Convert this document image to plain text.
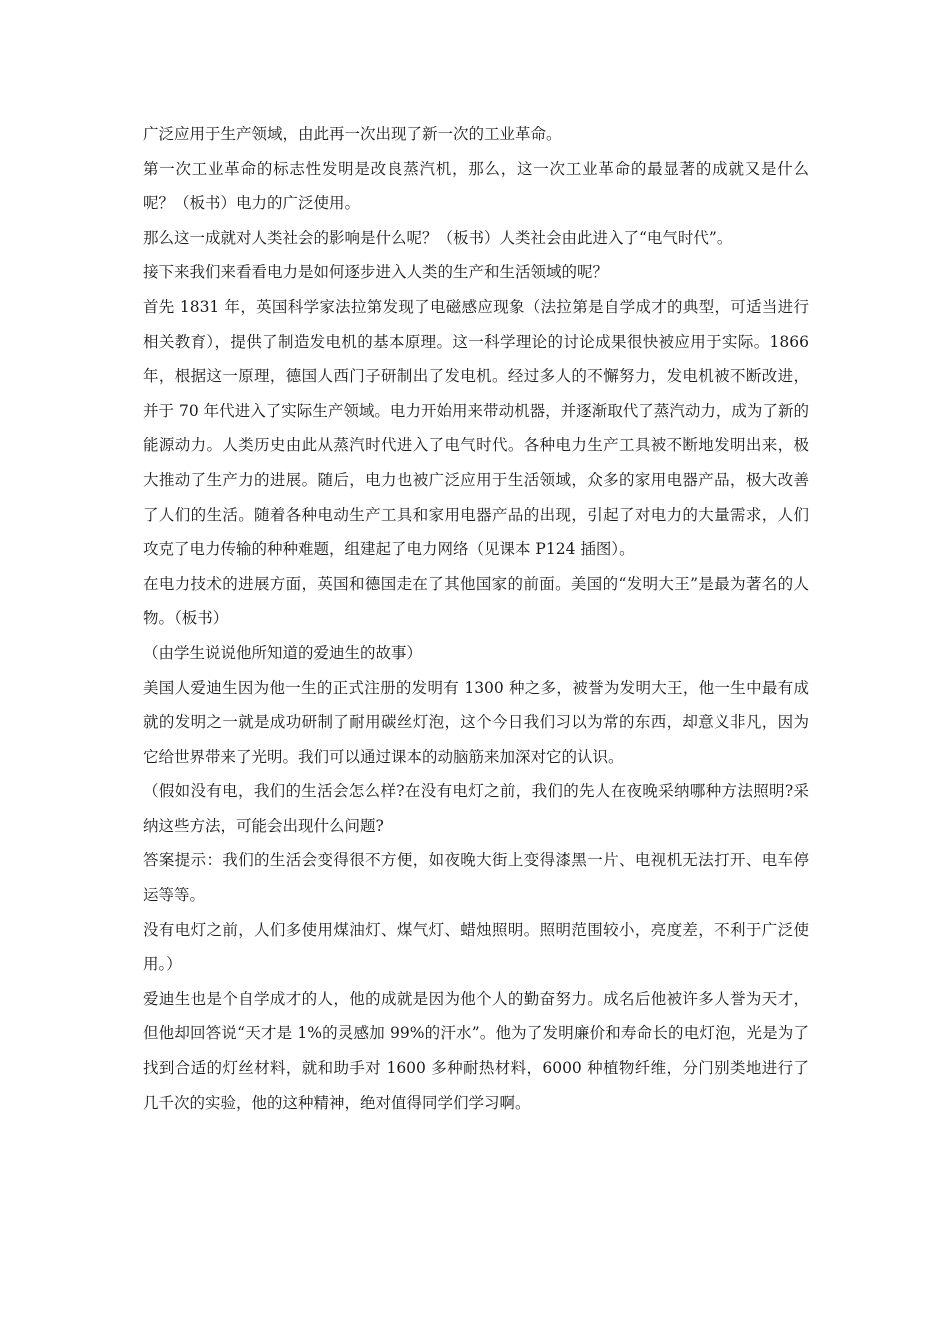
广泛应用于生产领域，由此再一次出现了新一次的工业革命。

第一次工业革命的标志性发明是改良蒸汽机，那么，这一次工业革命的最显著的成就又是什么呢？（板书）电力的广泛使用。

那么这一成就对人类社会的影响是什么呢？（板书）人类社会由此进入了“电气时代”。

接下来我们来看看电力是如何逐步进入人类的生产和生活领域的呢？

首先 1831 年，英国科学家法拉第发现了电磁感应现象（法拉第是自学成才的典型，可适当进行相关教育），提供了制造发电机的基本原理。这一科学理论的讨论成果很快被应用于实际。1866 年，根据这一原理，德国人西门子研制出了发电机。经过多人的不懈努力，发电机被不断改进，并于 70 年代进入了实际生产领域。电力开始用来带动机器，并逐渐取代了蒸汽动力，成为了新的能源动力。人类历史由此从蒸汽时代进入了电气时代。各种电力生产工具被不断地发明出来，极大推动了生产力的进展。随后，电力也被广泛应用于生活领域，众多的家用电器产品，极大改善了人们的生活。随着各种电动生产工具和家用电器产品的出现，引起了对电力的大量需求，人们攻克了电力传输的种种难题，组建起了电力网络（见课本 P124 插图）。

在电力技术的进展方面，英国和德国走在了其他国家的前面。美国的“发明大王”是最为著名的人物。（板书）

（由学生说说他所知道的爱迪生的故事）

美国人爱迪生因为他一生的正式注册的发明有 1300 种之多，被誉为发明大王，他一生中最有成就的发明之一就是成功研制了耐用碳丝灯泡，这个今日我们习以为常的东西，却意义非凡，因为它给世界带来了光明。我们可以通过课本的动脑筋来加深对它的认识。

（假如没有电，我们的生活会怎么样?在没有电灯之前，我们的先人在夜晚采纳哪种方法照明?采纳这些方法，可能会出现什么问题?

答案提示：我们的生活会变得很不方便，如夜晚大街上变得漆黑一片、电视机无法打开、电车停运等等。

没有电灯之前，人们多使用煤油灯、煤气灯、蜡烛照明。照明范围较小，亮度差，不利于广泛使用。）

爱迪生也是个自学成才的人，他的成就是因为他个人的勤奋努力。成名后他被许多人誉为天才，但他却回答说“天才是 1%的灵感加 99%的汗水”。他为了发明廉价和寿命长的电灯泡，光是为了找到合适的灯丝材料，就和助手对 1600 多种耐热材料，6000 种植物纤维，分门别类地进行了几千次的实验，他的这种精神，绝对值得同学们学习啊。
